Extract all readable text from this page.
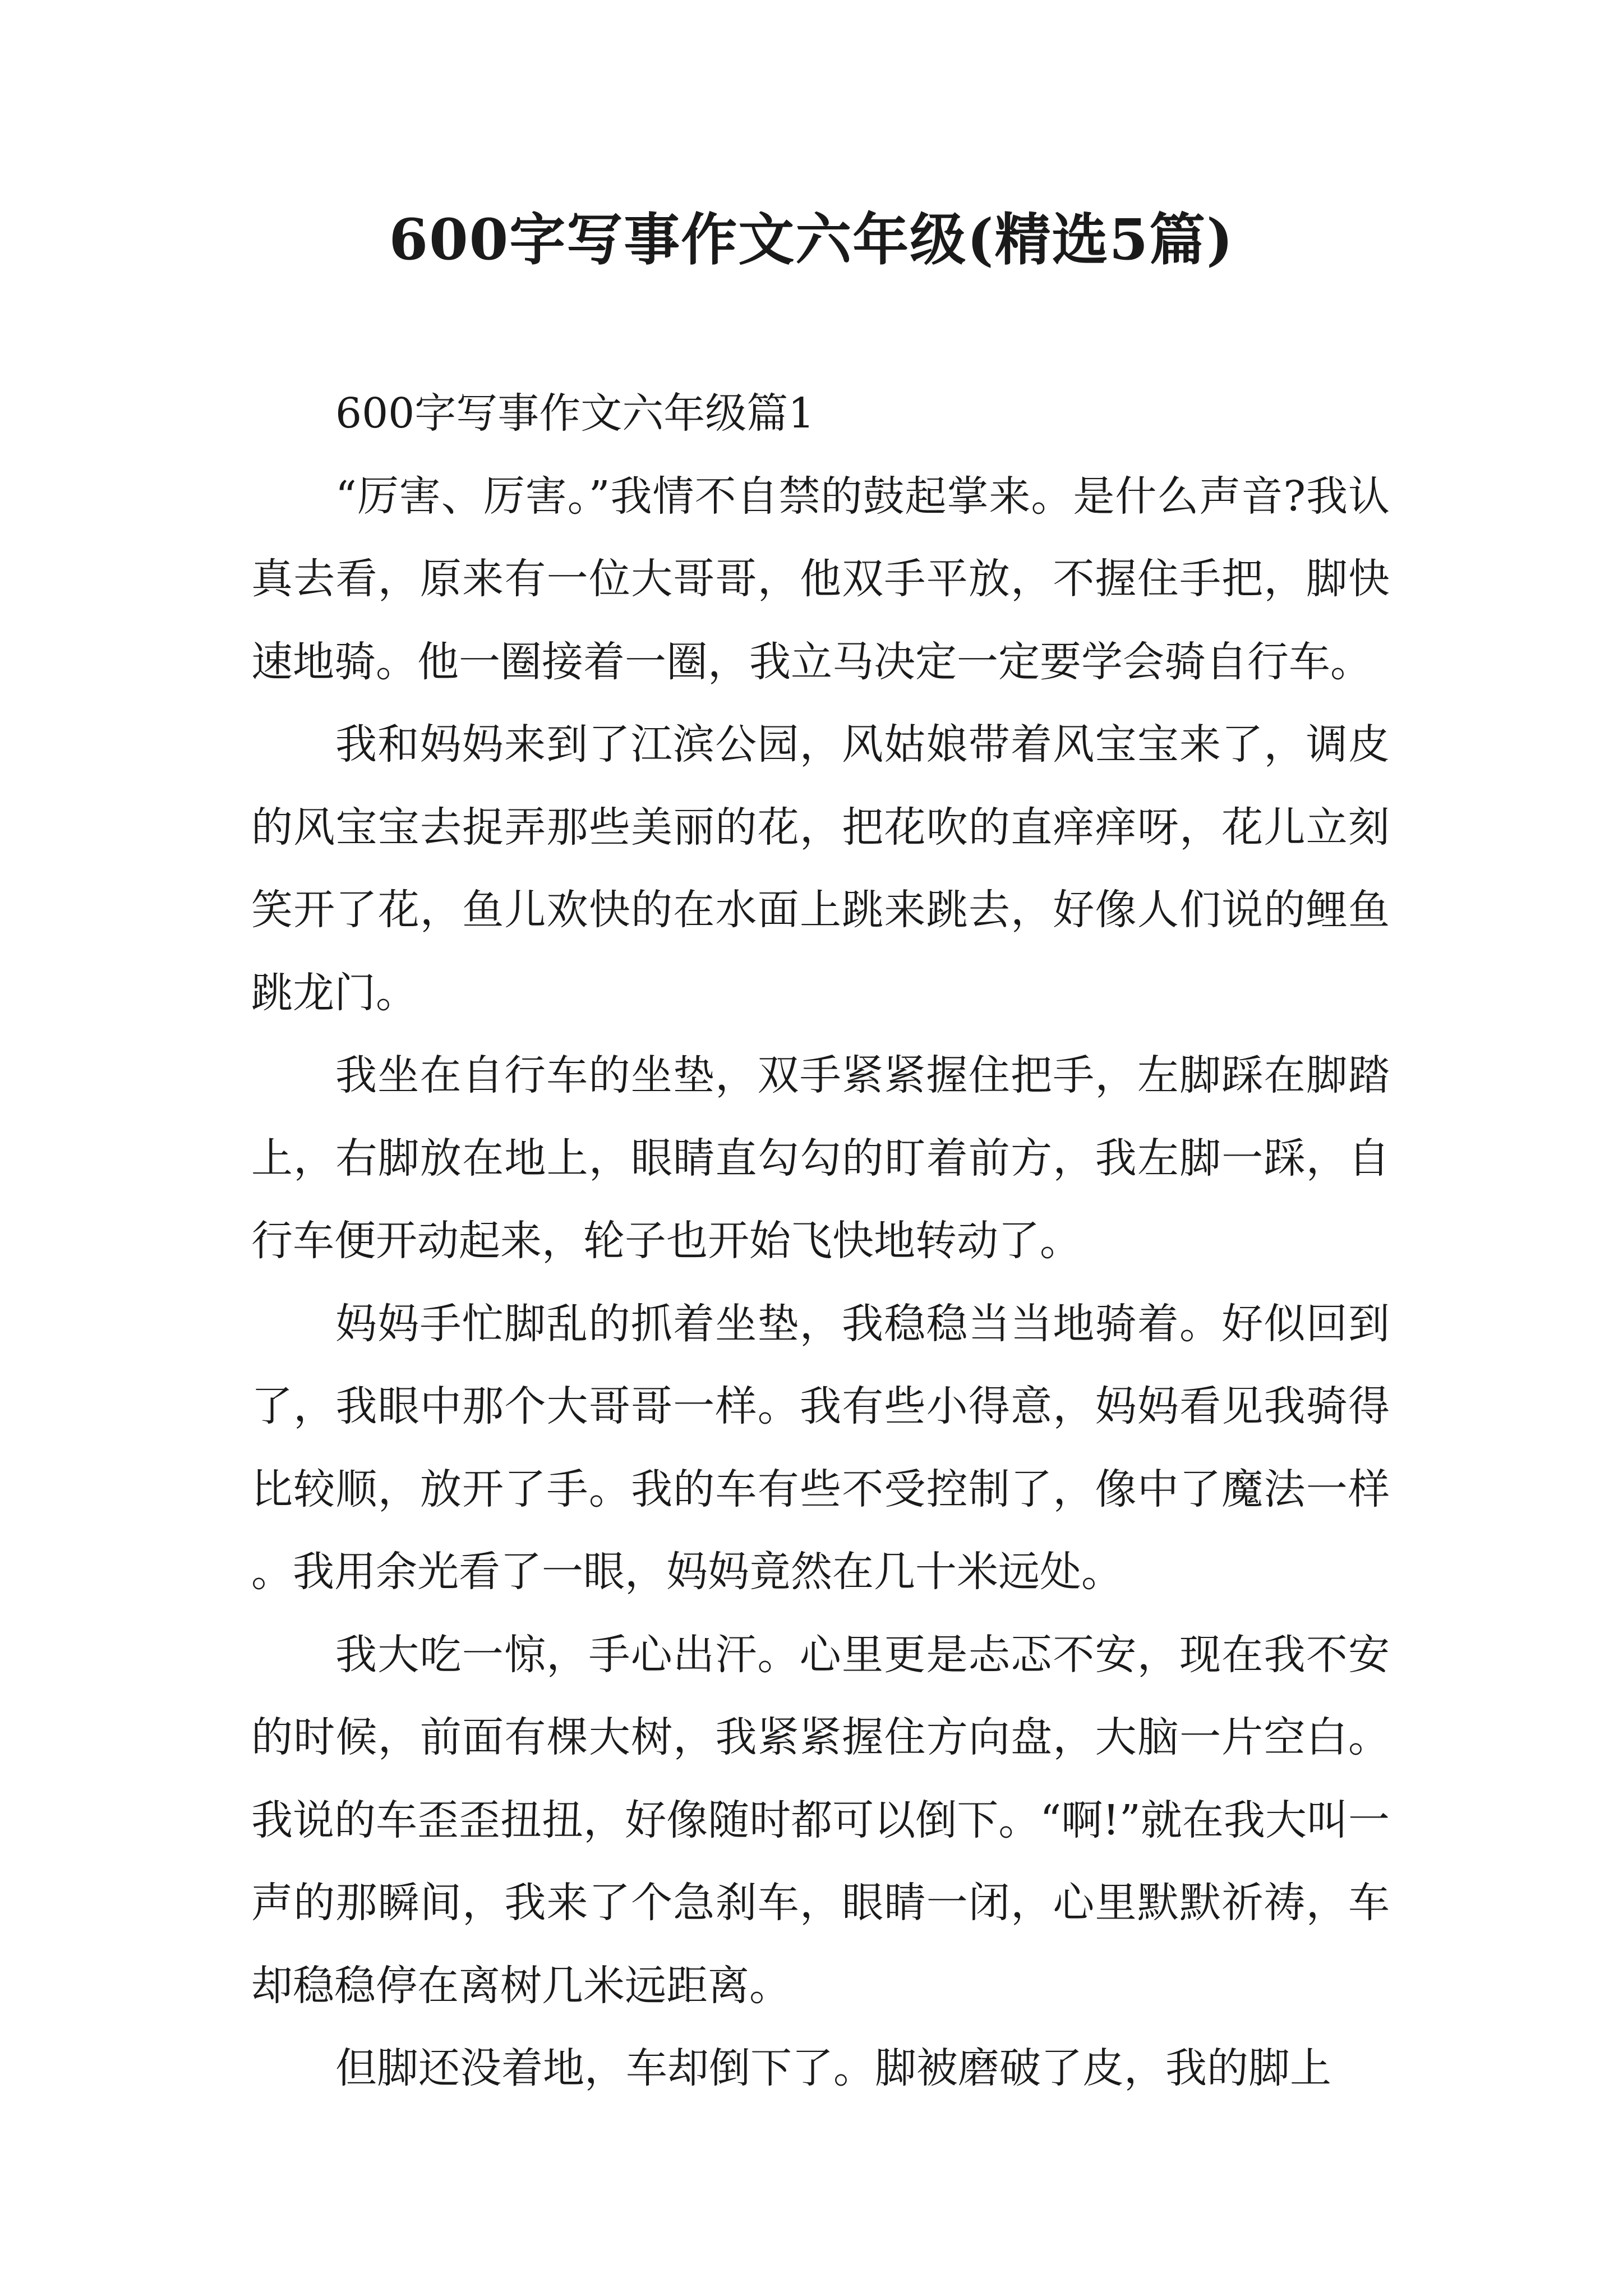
600字写事作文六年级(精选5篇)
600字写事作文六年级篇1

“厉害、厉害。”我情不自禁的鼓起掌来。是什么声音?我认真去看，原来有一位大哥哥，他双手平放，不握住手把，脚快速地骑。他一圈接着一圈，我立马决定一定要学会骑自行车。

我和妈妈来到了江滨公园，风姑娘带着风宝宝来了，调皮的风宝宝去捉弄那些美丽的花，把花吹的直痒痒呀，花儿立刻笑开了花，鱼儿欢快的在水面上跳来跳去，好像人们说的鲤鱼跳龙门。

我坐在自行车的坐垫，双手紧紧握住把手，左脚踩在脚踏上，右脚放在地上，眼睛直勾勾的盯着前方，我左脚一踩，自行车便开动起来，轮子也开始飞快地转动了。

妈妈手忙脚乱的抓着坐垫，我稳稳当当地骑着。好似回到了，我眼中那个大哥哥一样。我有些小得意，妈妈看见我骑得比较顺，放开了手。我的车有些不受控制了，像中了魔法一样。我用余光看了一眼，妈妈竟然在几十米远处。

我大吃一惊，手心出汗。心里更是忐忑不安，现在我不安的时候，前面有棵大树，我紧紧握住方向盘，大脑一片空白。我说的车歪歪扭扭，好像随时都可以倒下。“啊!”就在我大叫一声的那瞬间，我来了个急刹车，眼睛一闭，心里默默祈祷，车却稳稳停在离树几米远距离。

但脚还没着地，车却倒下了。脚被磨破了皮，我的脚上
